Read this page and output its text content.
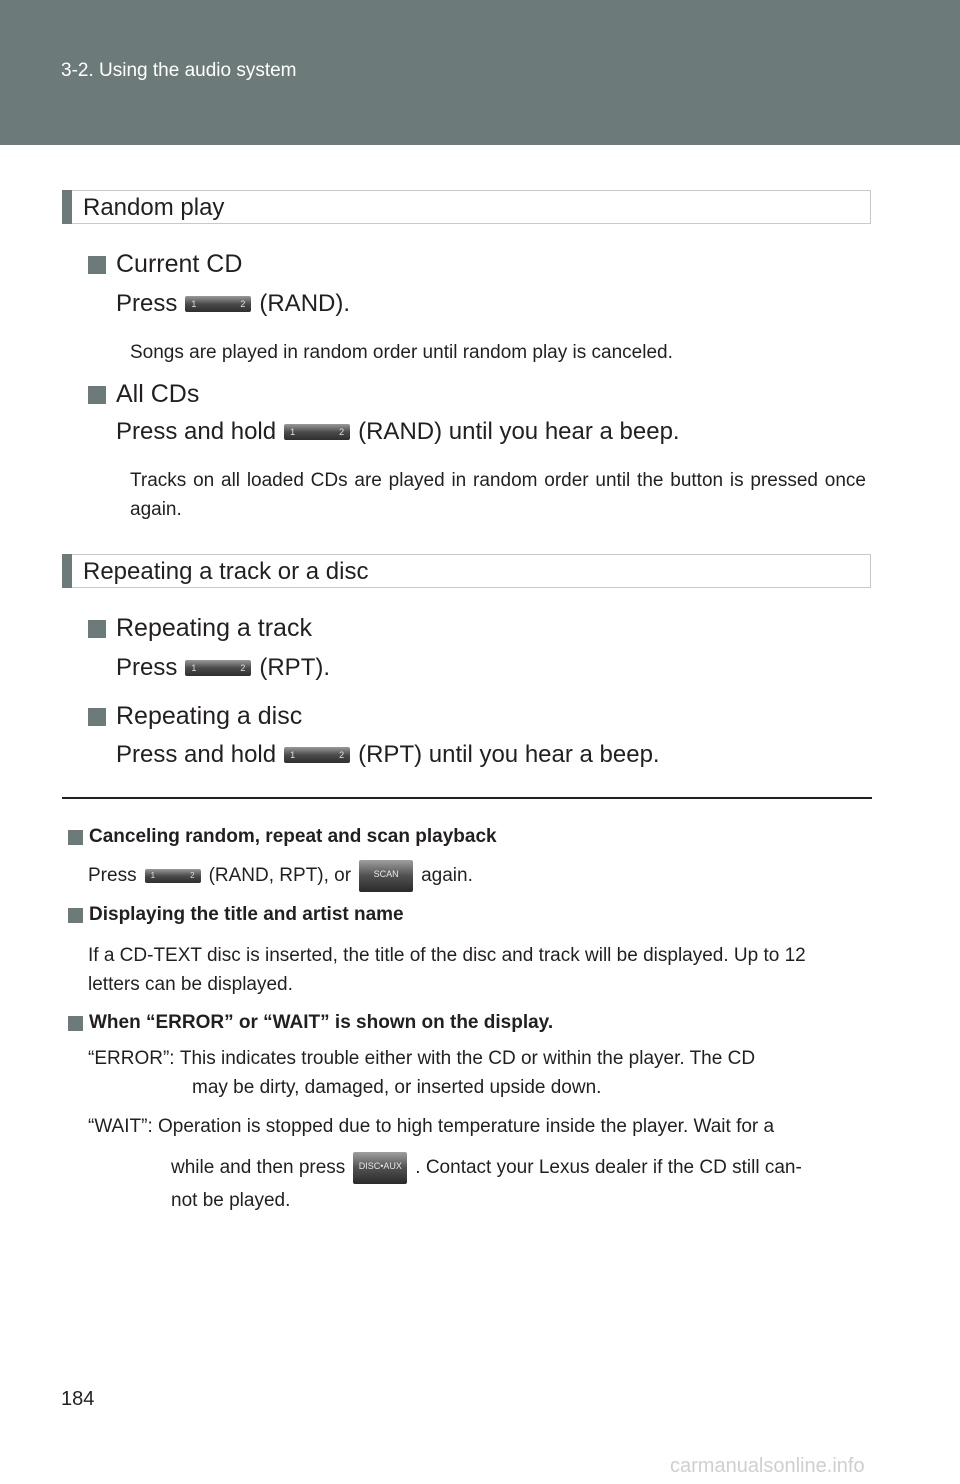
3-2. Using the audio system
Random play
Current CD
Press 1	2 (RAND).
Songs are played in random order until random play is canceled.
All CDs
Press and hold 1	2 (RAND) until you hear a beep.
Tracks on all loaded CDs are played in random order until the button is pressed once again.
Repeating a track or a disc
Repeating a track
Press 1	2 (RPT).
Repeating a disc
Press and hold 1	2 (RPT) until you hear a beep.
Canceling random, repeat and scan playback
Press 1	2 (RAND, RPT), or	SCAN	again.
Displaying the title and artist name
If a CD-TEXT disc is inserted, the title of the disc and track will be displayed. Up to 12 letters can be displayed.
When “ERROR” or “WAIT” is shown on the display.
“ERROR”:
This indicates trouble either with the CD or within the player. The CD
may be dirty, damaged, or inserted upside down.
“WAIT”:
Operation is stopped due to high temperature inside the player. Wait for a
while and then press	DISC•AUX . Contact your Lexus dealer if the CD still can-
not be played.
184
carmanualsonline.info
